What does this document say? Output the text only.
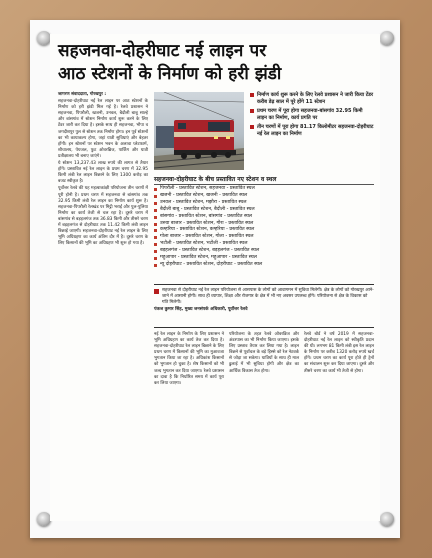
सहजनवा-दोहरीघाट नई लाइन पर
आठ स्टेशनों के निर्माण को हरी झंडी

जागरण संवाददाता, गोरखपुर :

सहजनवा-दोहरीघाट नई रेल लाइन पर आठ स्टेशनों के निर्माण को हरी झंडी मिल गई है। रेलवे प्रशासन ने सहजनवा, पिपरौली, खजनी, उनवल, बैदौली बाबू साल्हे और बांसगांव में स्टेशन निर्माण कार्य शुरू करने के लिए टेंडर जारी कर दिया है। इसके साथ ही सहजनवा, भौपा व जगदीशपुर पुल से स्टेशन तक निर्माण होगा। इन पूर्व स्टेशनों का भी कायाकल्प होगा, जहां यात्री सुविधाएं और बेहतर होंगी। इन स्टेशनों पर स्टेशन भवन के अलावा प्लेटफार्म, शौचालय, पेयजल, फुट ओवरब्रिज, पार्किंग और यात्री प्रतीक्षालय भी बनाए जाएंगे।

ये स्टेशन 13,237.43 लाख रुपये की लागत से तैयार होंगे। प्रस्तावित नई रेल लाइन के प्रथम चरण में 32.95 किमी लंबी रेल लाइन बिछाने के लिए 1300 करोड़ का बजट स्वीकृत है।

पूर्वोत्तर रेलवे की यह महत्वाकांक्षी परियोजना तीन चरणों में पूरी होनी है। प्रथम चरण में सहजनवा से बांसगांव तक 32.95 किमी लंबी रेल लाइन का निर्माण कार्य शुरू है। सहजनवा-पिपरौली रेलखंड पर मिट्टी भराई और पुल-पुलिया निर्माण का कार्य तेजी से चल रहा है। दूसरे चरण में बांसगांव से बड़हलगंज तक 36.83 किमी और तीसरे चरण में बड़हलगंज से दोहरीघाट तक 11.42 किमी लंबी लाइन बिछाई जाएगी। सहजनवा-दोहरीघाट नई रेल लाइन के लिए भूमि अधिग्रहण का कार्य अंतिम दौर में है। दूसरे चरण के लिए किसानों की भूमि का अधिग्रहण भी शुरू हो गया है।

निर्माण कार्य शुरू करने के लिए रेलवे प्रशासन ने जारी किया टेंडर करीब डेढ़ साल में पूरे होंगे 11 स्टेशन
प्रथम चरण में पूरा होगा सहजनवा-बांसगांव 32.95 किमी लाइन का निर्माण, कार्य प्रगति पर
तीन चरणों में पूरा होगा 81.17 किलोमीटर सहजनवा-दोहरीघाट नई रेल लाइन का निर्माण
सहजनवा-दोहरीघाट के बीच प्रस्तावित नए स्टेशन व स्थल
पिपरौली - प्रस्तावित स्टेशन, सहजनवा - प्रस्तावित स्थल
खजनी - प्रस्तावित स्टेशन, खजनी - प्रस्तावित स्थल
उनवल - प्रस्तावित स्टेशन, मझौरा - प्रस्तावित स्थल
बैदौली बाबू - प्रस्तावित स्टेशन, बैदौली - प्रस्तावित स्थल
बांसगांव - प्रस्तावित स्टेशन, बांसगांव - प्रस्तावित स्थल
उरुवा बाजार - प्रस्तावित स्टेशन, गौरा - प्रस्तावित स्थल
कम्हरिया - प्रस्तावित स्टेशन, कम्हरिया - प्रस्तावित स्थल
गोला बाजार - प्रस्तावित स्टेशन, गोला - प्रस्तावित स्थल
भटौली - प्रस्तावित स्टेशन, भटौली - प्रस्तावित स्थल
बड़हलगंज - प्रस्तावित स्टेशन, बड़हलगंज - प्रस्तावित स्थल
महुआपार - प्रस्तावित स्टेशन, महुआपार - प्रस्तावित स्थल
न्यू दोहरीघाट - प्रस्तावित स्टेशन, दोहरीघाट - प्रस्तावित स्थल
सहजनवा से दोहरीघाट नई रेल लाइन परियोजना से आसपास के लोगों को आवागमन में सुविधा मिलेगी। क्षेत्र के लोगों को गोरखपुर आने-जाने में आसानी होगी। साथ ही व्यापार, शिक्षा और रोजगार के क्षेत्र में भी नए अवसर उपलब्ध होंगे। परियोजना से क्षेत्र के विकास को गति मिलेगी।
पंकज कुमार सिंह, मुख्य जनसंपर्क अधिकारी, पूर्वोत्तर रेलवे

नई रेल लाइन के निर्माण के लिए प्रशासन ने भूमि अधिग्रहण का कार्य तेज कर दिया है। सहजनवा-दोहरीघाट रेल लाइन बिछाने के लिए प्रथम चरण में किसानों की भूमि का मुआवजा भुगतान किया जा रहा है। अधिकांश किसानों को भुगतान हो चुका है। शेष किसानों को भी जल्द भुगतान कर दिया जाएगा। रेलवे प्रशासन का दावा है कि निर्धारित समय में कार्य पूरा कर लिया जाएगा।

परियोजना के तहत रेलवे ओवरब्रिज और अंडरपास का भी निर्माण किया जाएगा। इसके लिए प्रस्ताव तैयार कर लिया गया है। लाइन बिछने से पूर्वांचल के बड़े हिस्से को रेल नेटवर्क से जोड़ा जा सकेगा। यात्रियों के साथ ही माल ढुलाई में भी सुविधा होगी और क्षेत्र का आर्थिक विकास तेज होगा।

रेलवे बोर्ड ने वर्ष 2019 में सहजनवा-दोहरीघाट नई रेल लाइन को स्वीकृति प्रदान की थी। लगभग 81 किमी लंबी इस रेल लाइन के निर्माण पर करीब 1320 करोड़ रुपये खर्च होंगे। प्रथम चरण का कार्य पूरा होते ही ट्रेनों का संचालन शुरू कर दिया जाएगा। दूसरे और तीसरे चरण का कार्य भी तेजी से होगा।
